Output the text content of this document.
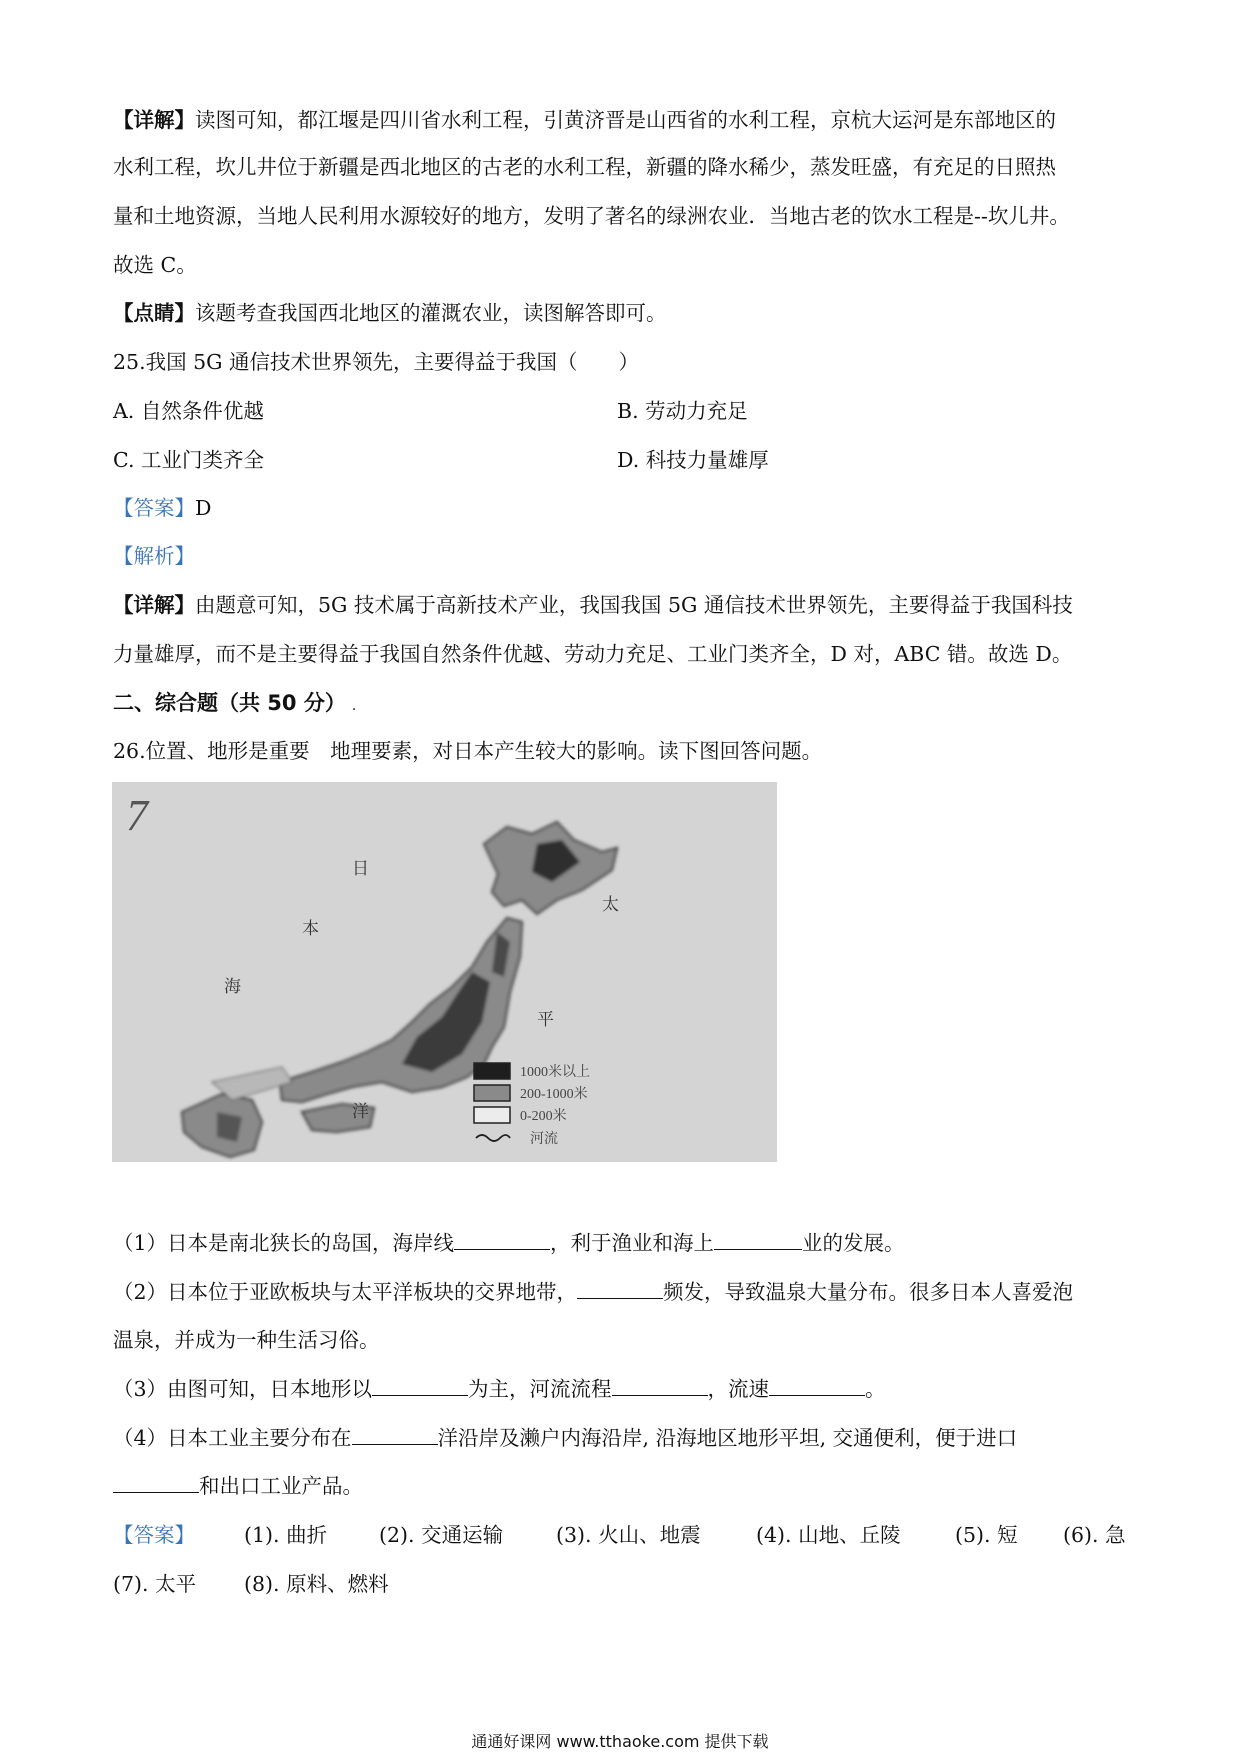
【详解】读图可知，都江堰是四川省水利工程，引黄济晋是山西省的水利工程，京杭大运河是东部地区的
水利工程，坎儿井位于新疆是西北地区的古老的水利工程，新疆的降水稀少，蒸发旺盛，有充足的日照热
量和土地资源，当地人民利用水源较好的地方，发明了著名的绿洲农业．当地古老的饮水工程是--坎儿井。
故选 C。
【点睛】该题考查我国西北地区的灌溉农业，读图解答即可。
25.我国 5G 通信技术世界领先，主要得益于我国（　　）
A. 自然条件优越	B. 劳动力充足
C. 工业门类齐全	D. 科技力量雄厚
【答案】D
【解析】
【详解】由题意可知，5G 技术属于高新技术产业，我国我国 5G 通信技术世界领先，主要得益于我国科技
力量雄厚，而不是主要得益于我国自然条件优越、劳动力充足、工业门类齐全，D 对，ABC 错。故选 D。
二、综合题（共 50 分） .
26.位置、地形是重要　地理要素，对日本产生较大的影响。读下图回答问题。
7
日
本
海
太
平
洋
1000米以上
200-1000米
0-200米
河流
（1）日本是南北狭长的岛国，海岸线	，利于渔业和海上	业的发展。
（2）日本位于亚欧板块与太平洋板块的交界地带，	频发，导致温泉大量分布。很多日本人喜爱泡
温泉，并成为一种生活习俗。
（3）由图可知，日本地形以	为主，河流流程	，流速	。
（4）日本工业主要分布在	洋沿岸及濑户内海沿岸, 沿海地区地形平坦, 交通便利，便于进口
和出口工业产品。
【答案】 (1). 曲折	(2). 交通运输	(3). 火山、地震	(4). 山地、丘陵	(5). 短 (6). 急
(7). 太平 (8). 原料、燃料
通通好课网 www.tthaoke.com 提供下载
